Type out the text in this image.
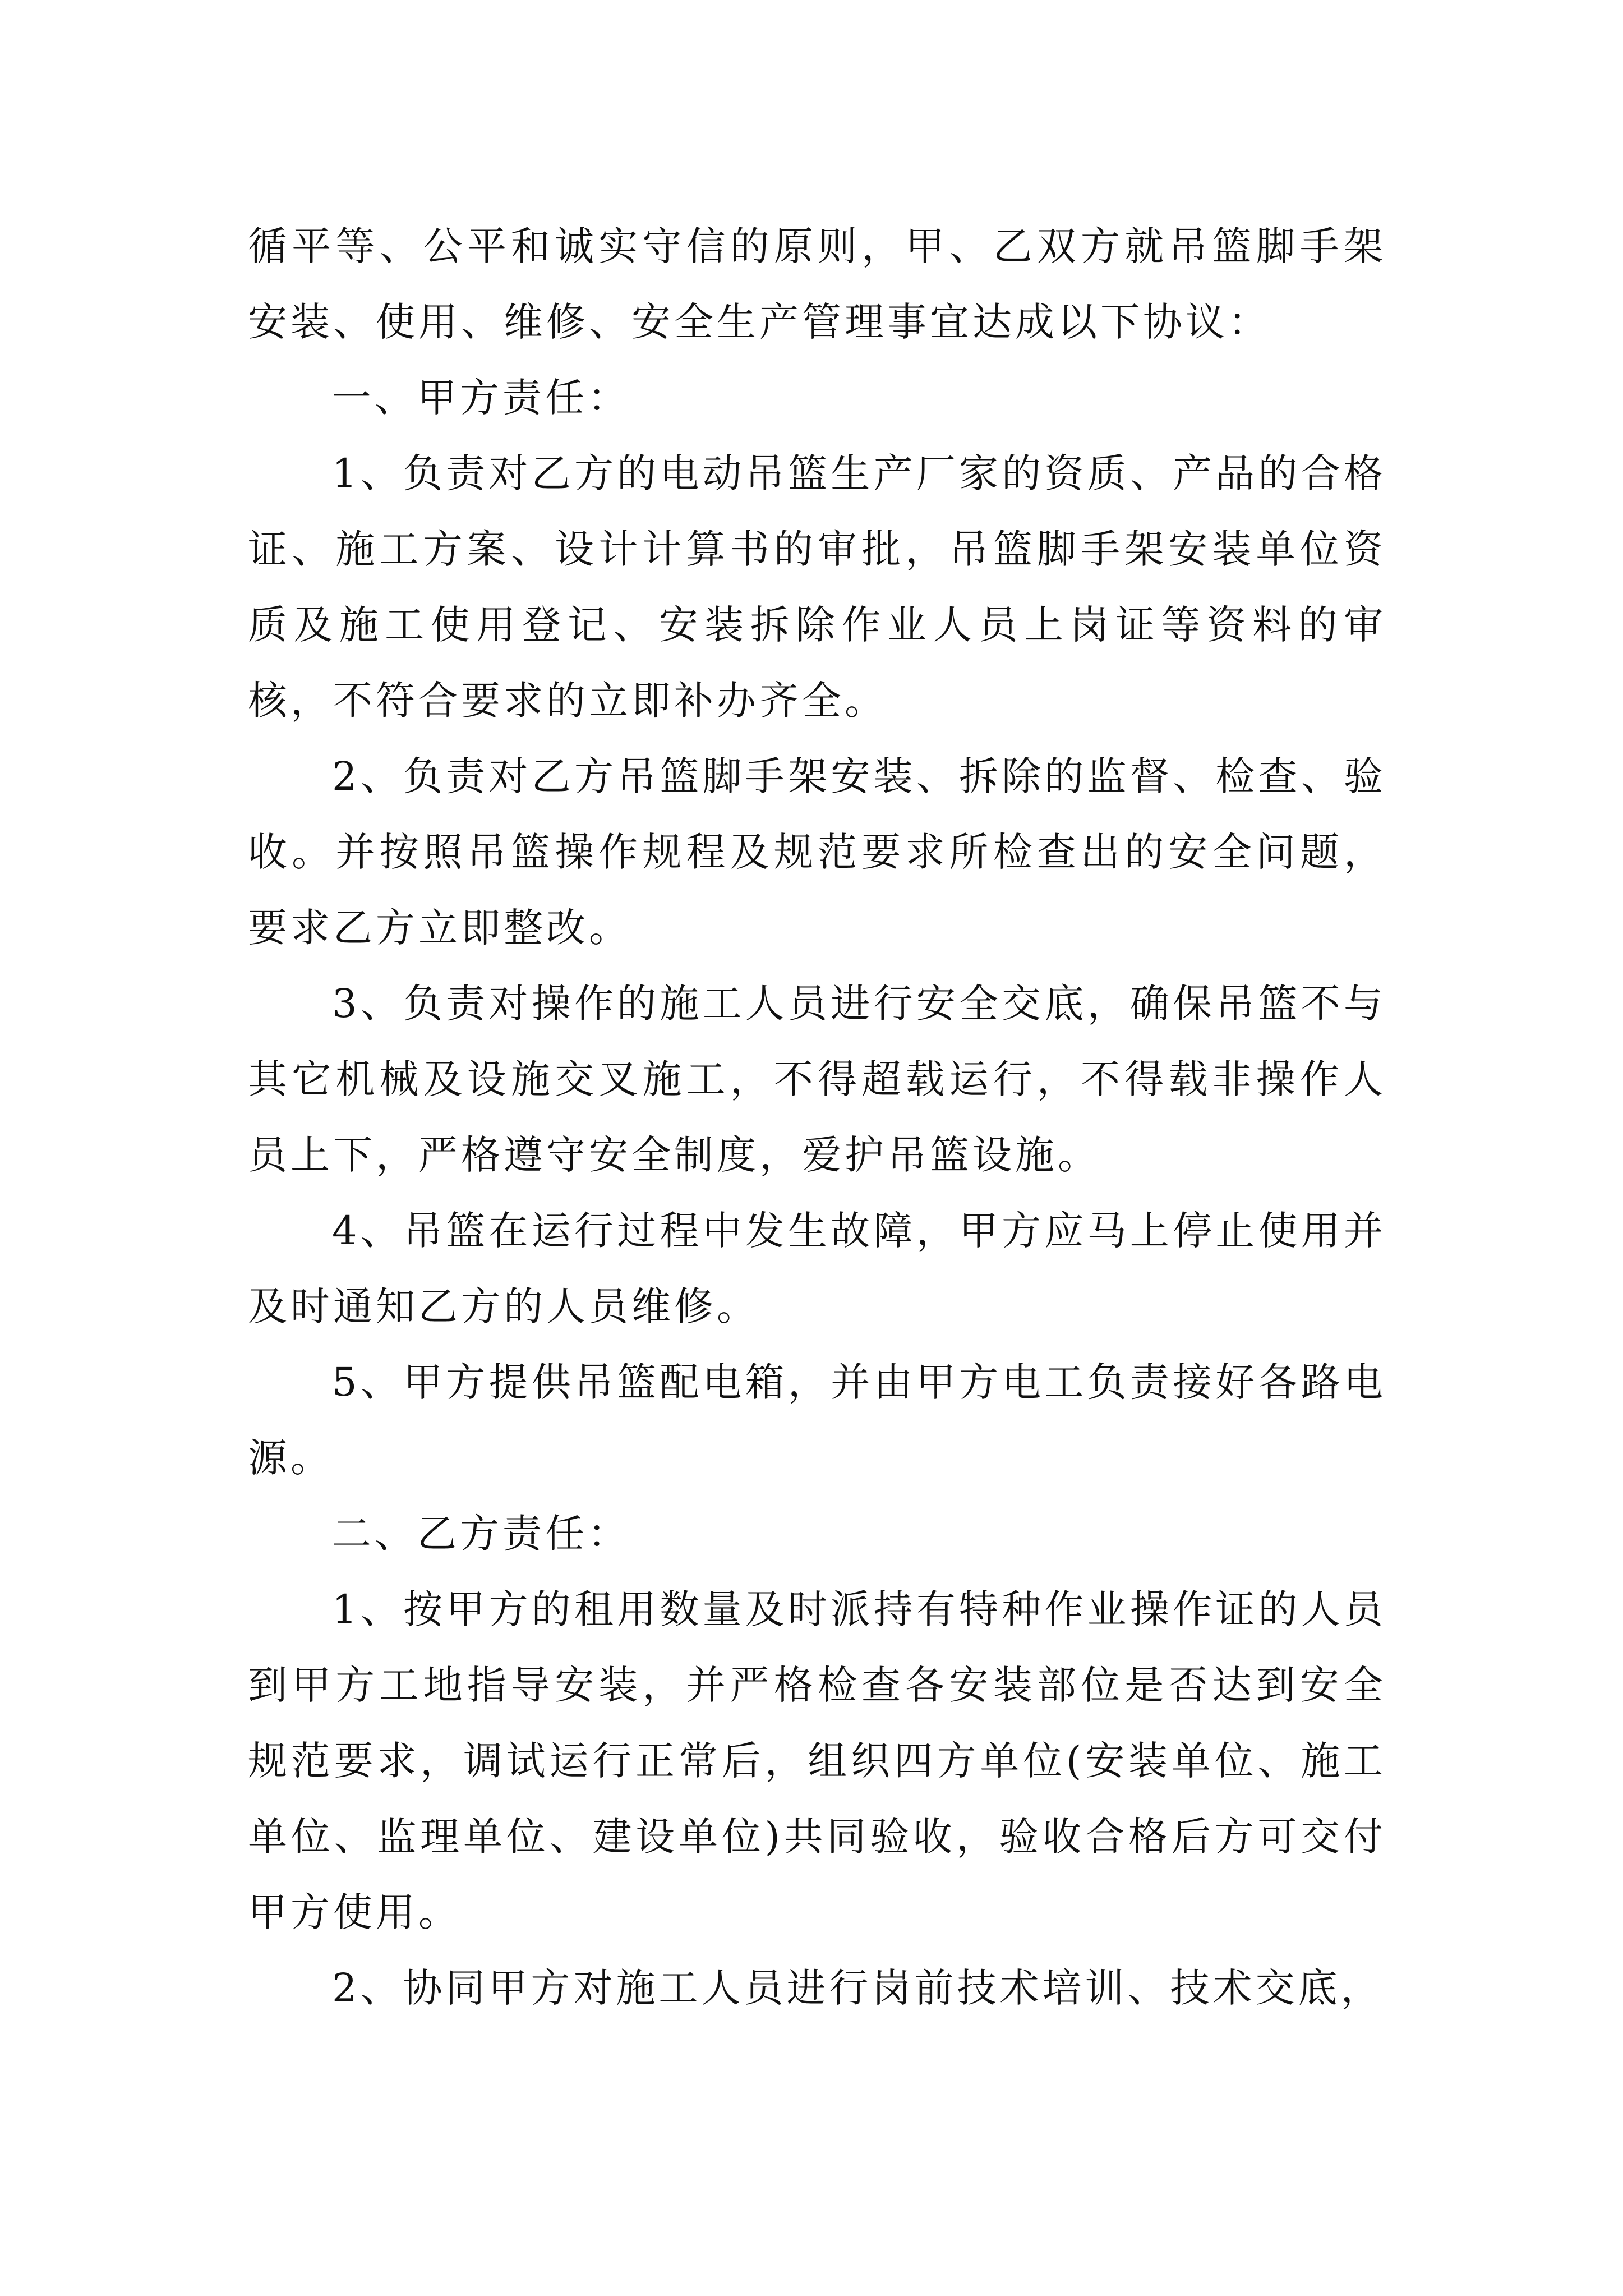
循平等、公平和诚实守信的原则，甲、乙双方就吊篮脚手架安装、使用、维修、安全生产管理事宜达成以下协议：

一、甲方责任：

1、负责对乙方的电动吊篮生产厂家的资质、产品的合格证、施工方案、设计计算书的审批，吊篮脚手架安装单位资质及施工使用登记、安装拆除作业人员上岗证等资料的审核，不符合要求的立即补办齐全。

2、负责对乙方吊篮脚手架安装、拆除的监督、检查、验收。并按照吊篮操作规程及规范要求所检查出的安全问题，要求乙方立即整改。

3、负责对操作的施工人员进行安全交底，确保吊篮不与其它机械及设施交叉施工，不得超载运行，不得载非操作人员上下，严格遵守安全制度，爱护吊篮设施。

4、吊篮在运行过程中发生故障，甲方应马上停止使用并及时通知乙方的人员维修。

5、甲方提供吊篮配电箱，并由甲方电工负责接好各路电源。

二、乙方责任：

1、按甲方的租用数量及时派持有特种作业操作证的人员到甲方工地指导安装，并严格检查各安装部位是否达到安全规范要求，调试运行正常后，组织四方单位(安装单位、施工单位、监理单位、建设单位)共同验收，验收合格后方可交付甲方使用。

2、协同甲方对施工人员进行岗前技术培训、技术交底，
